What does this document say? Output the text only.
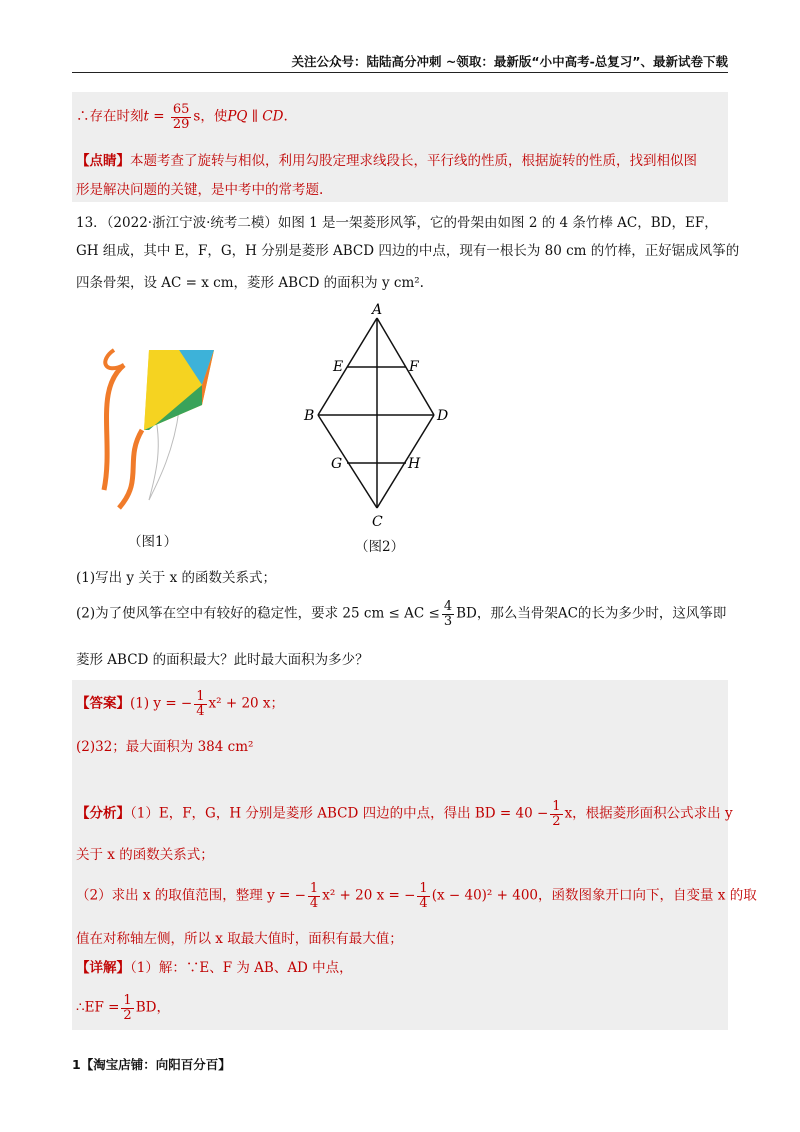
关注公众号：陆陆高分冲刺 ~领取：最新版“小中高考-总复习”、最新试卷下载
∴存在时刻$t = \frac{65}{29}$ s，使PQ ∥ CD.
【点睛】本题考查了旋转与相似，利用勾股定理求线段长，平行线的性质，根据旋转的性质，找到相似图
形是解决问题的关键，是中考中的常考题.
13．（2022·浙江宁波·统考二模）如图 1 是一架菱形风筝，它的骨架由如图 2 的 4 条竹棒 AC，BD，EF，
GH 组成，其中 E，F，G，H 分别是菱形 ABCD 四边的中点，现有一根长为 80 cm 的竹棒，正好锯成风筝的
四条骨架，设 AC = x cm，菱形 ABCD 的面积为 y cm².
（图1）
A
B
C
D
E	F
G	H
（图2）
(1)写出 y 关于 x 的函数关系式；
(2)为了使风筝在空中有较好的稳定性，要求 25 cm ≤ AC ≤ $\frac{4}{3}$ BD，那么当骨架AC的长为多少时，这风筝即
菱形 ABCD 的面积最大？此时最大面积为多少？
【答案】(1) y = − $\frac{1}{4} x^2 + 20$ x；
(2)32；最大面积为 384 cm²
【分析】（1）E，F，G，H 分别是菱形 ABCD 四边的中点，得出 BD = $40 - \frac{1}{2}$ x，根据菱形面积公式求出 y
关于 x 的函数关系式；
（2）求出 x 的取值范围，整理 y = − $\frac{1}{4} x^2 + 20$ x = − $\frac{1}{4} (x - 40)^2 + 400$，函数图象开口向下，自变量 x 的取
值在对称轴左侧，所以 x 取最大值时，面积有最大值；
【详解】（1）解：∵E、F 为 AB、AD 中点，
∴EF = $\frac{1}{2}$ BD，
1【淘宝店铺：向阳百分百】
